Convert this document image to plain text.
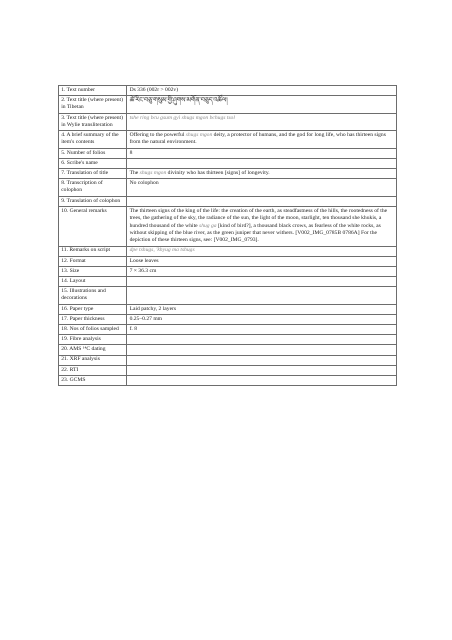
1. Text number	Ds 336 (002r > 002v)
2. Text title (where present) in Tibetan	ཚེ་རིང་བཅུ་གསུམ་གྱི་ཤུགས་མགོན་བཅུད་འཚོལ།
3. Text title (where present) in Wylie transliteration	tshe ring bcu gsum gyi shugs mgon bchugs tsol
4. A brief summary of the item's contents	Offering to the powerful shugs mgon deity, a protector of humans, and the god for long life, who has thirteen signs from the natural environment.
5. Number of folios	8
6. Scribe's name	
7. Translation of title	The shugs mgon divinity who has thirteen [signs] of longevity.
8. Transcription of colophon	No colophon
9. Translation of colophon	
10. General remarks	The thirteen signs of the king of the life: the creation of the earth, as steadfastness of the hills, the rootedness of the trees, the gathering of the sky, the radiance of the sun, the light of the moon, starlight, ten thousand she khukis, a hundred thousand of the white shug ga [kind of bird?], a thousand black crows, as fearless of the white rocks, as without skipping of the blue river, as the green juniper that never withers. [V002_IMG_0785B 0786A] For the depiction of these thirteen signs, see: [V002_IMG_0793].
11. Remarks on script	dpe tshugs, 'khyug ma tshugs
12. Format	Loose leaves
13. Size	7 × 36.3 cm
14. Layout	
15. Illustrations and decorations	
16. Paper type	Laid patchy, 2 layers
17. Paper thickness	0.25–0.27 mm
18. Nos of folios sampled	f. 8
19. Fibre analysis	
20. AMS ¹⁴C dating	
21. XRF analysis	
22. RTI	
23. GCMS	
